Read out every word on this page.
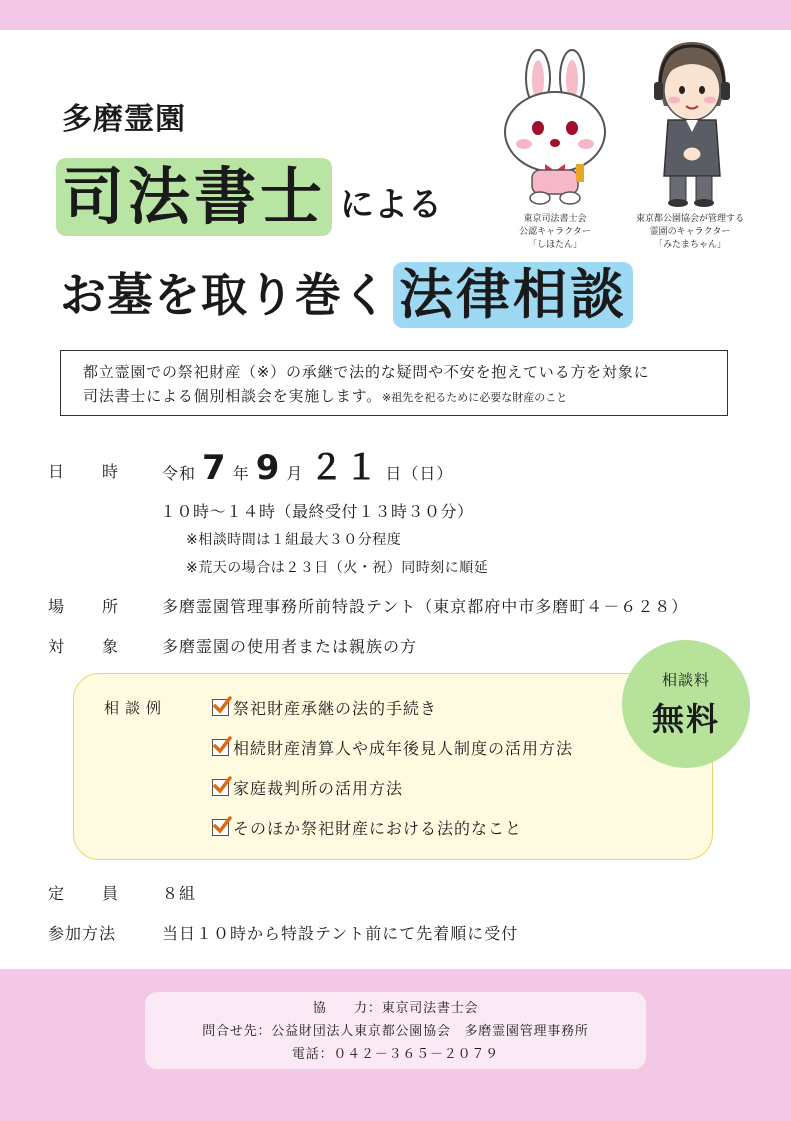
多磨霊園
司法書士 による
お墓を取り巻く 法律相談
東京司法書士会
公認キャラクター
「しほたん」
東京都公園協会が管理する
霊園のキャラクター
「みたまちゃん」
都立霊園での祭祀財産（※）の承継で法的な疑問や不安を抱えている方を対象に
司法書士による個別相談会を実施します。※祖先を祀るために必要な財産のこと
日　　時	令和 7 年 9 月 ２１ 日（日）
１０時～１４時（最終受付１３時３０分）
※相談時間は１組最大３０分程度
※荒天の場合は２３日（火・祝）同時刻に順延
場　　所	多磨霊園管理事務所前特設テント（東京都府中市多磨町４－６２８）
対　　象	多磨霊園の使用者または親族の方
相談例	祭祀財産承継の法的手続き
相続財産清算人や成年後見人制度の活用方法
家庭裁判所の活用方法
そのほか祭祀財産における法的なこと
相談料
無料
定　　員	８組
参加方法	当日１０時から特設テント前にて先着順に受付
協　　力：東京司法書士会
問合せ先：公益財団法人東京都公園協会　多磨霊園管理事務所
電話：０４２－３６５－２０７９
